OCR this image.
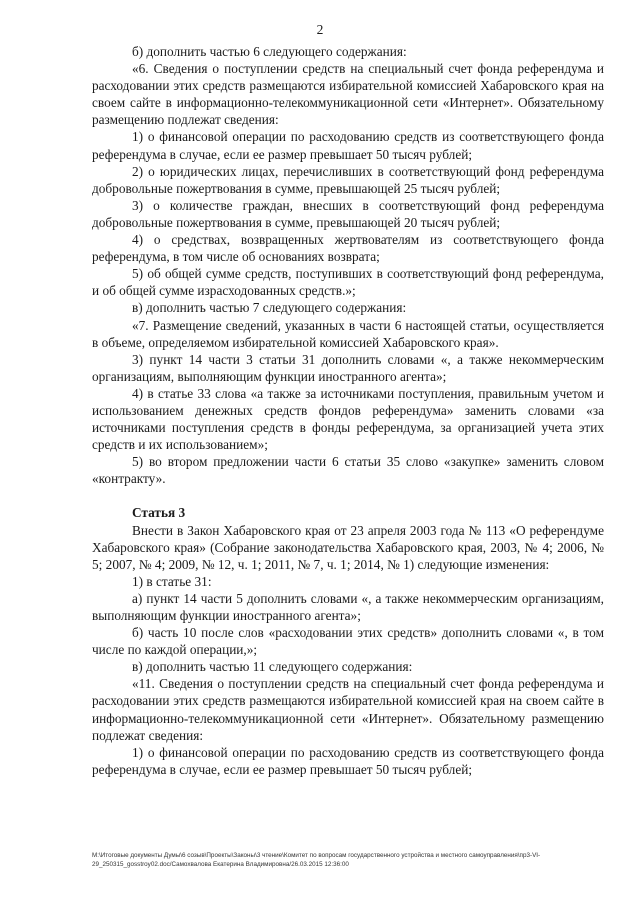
2

б) дополнить частью 6 следующего содержания:

«6. Сведения о поступлении средств на специальный счет фонда референдума и расходовании этих средств размещаются избирательной комиссией Хабаровского края на своем сайте в информационно-телекоммуникационной сети «Интернет». Обязательному размещению подлежат сведения:

1) о финансовой операции по расходованию средств из соответствующего фонда референдума в случае, если ее размер превышает 50 тысяч рублей;

2) о юридических лицах, перечисливших в соответствующий фонд референдума добровольные пожертвования в сумме, превышающей 25 тысяч рублей;

3) о количестве граждан, внесших в соответствующий фонд референдума добровольные пожертвования в сумме, превышающей 20 тысяч рублей;

4) о средствах, возвращенных жертвователям из соответствующего фонда референдума, в том числе об основаниях возврата;

5) об общей сумме средств, поступивших в соответствующий фонд референдума, и об общей сумме израсходованных средств.»;

в) дополнить частью 7 следующего содержания:

«7. Размещение сведений, указанных в части 6 настоящей статьи, осуществляется в объеме, определяемом избирательной комиссией Хабаровского края».

3) пункт 14 части 3 статьи 31 дополнить словами «, а также некоммерческим организациям, выполняющим функции иностранного агента»;

4) в статье 33 слова «а также за источниками поступления, правильным учетом и использованием денежных средств фондов референдума» заменить словами «за источниками поступления средств в фонды референдума, за организацией учета этих средств и их использованием»;

5) во втором предложении части 6 статьи 35 слово «закупке» заменить словом «контракту».

Статья 3

Внести в Закон Хабаровского края от 23 апреля 2003 года № 113 «О референдуме Хабаровского края» (Собрание законодательства Хабаровского края, 2003, № 4; 2006, № 5; 2007, № 4; 2009, № 12, ч. 1; 2011, № 7, ч. 1; 2014, № 1) следующие изменения:

1) в статье 31:

а) пункт 14 части 5 дополнить словами «, а также некоммерческим организациям, выполняющим функции иностранного агента»;

б) часть 10 после слов «расходовании этих средств» дополнить словами «, в том числе по каждой операции,»;

в) дополнить частью 11 следующего содержания:

«11. Сведения о поступлении средств на специальный счет фонда референдума и расходовании этих средств размещаются избирательной комиссией края на своем сайте в информационно-телекоммуникационной сети «Интернет». Обязательному размещению подлежат сведения:

1) о финансовой операции по расходованию средств из соответствующего фонда референдума в случае, если ее размер превышает 50 тысяч рублей;

M:\Итоговые документы Думы\6 созыв\Проекты\Законы\3 чтение\Комитет по вопросам государственного устройства и местного самоуправления\пр3-VI-
29_250315_gosstroy02.doc/Самохвалова Екатерина Владимировна/26.03.2015 12:36:00
